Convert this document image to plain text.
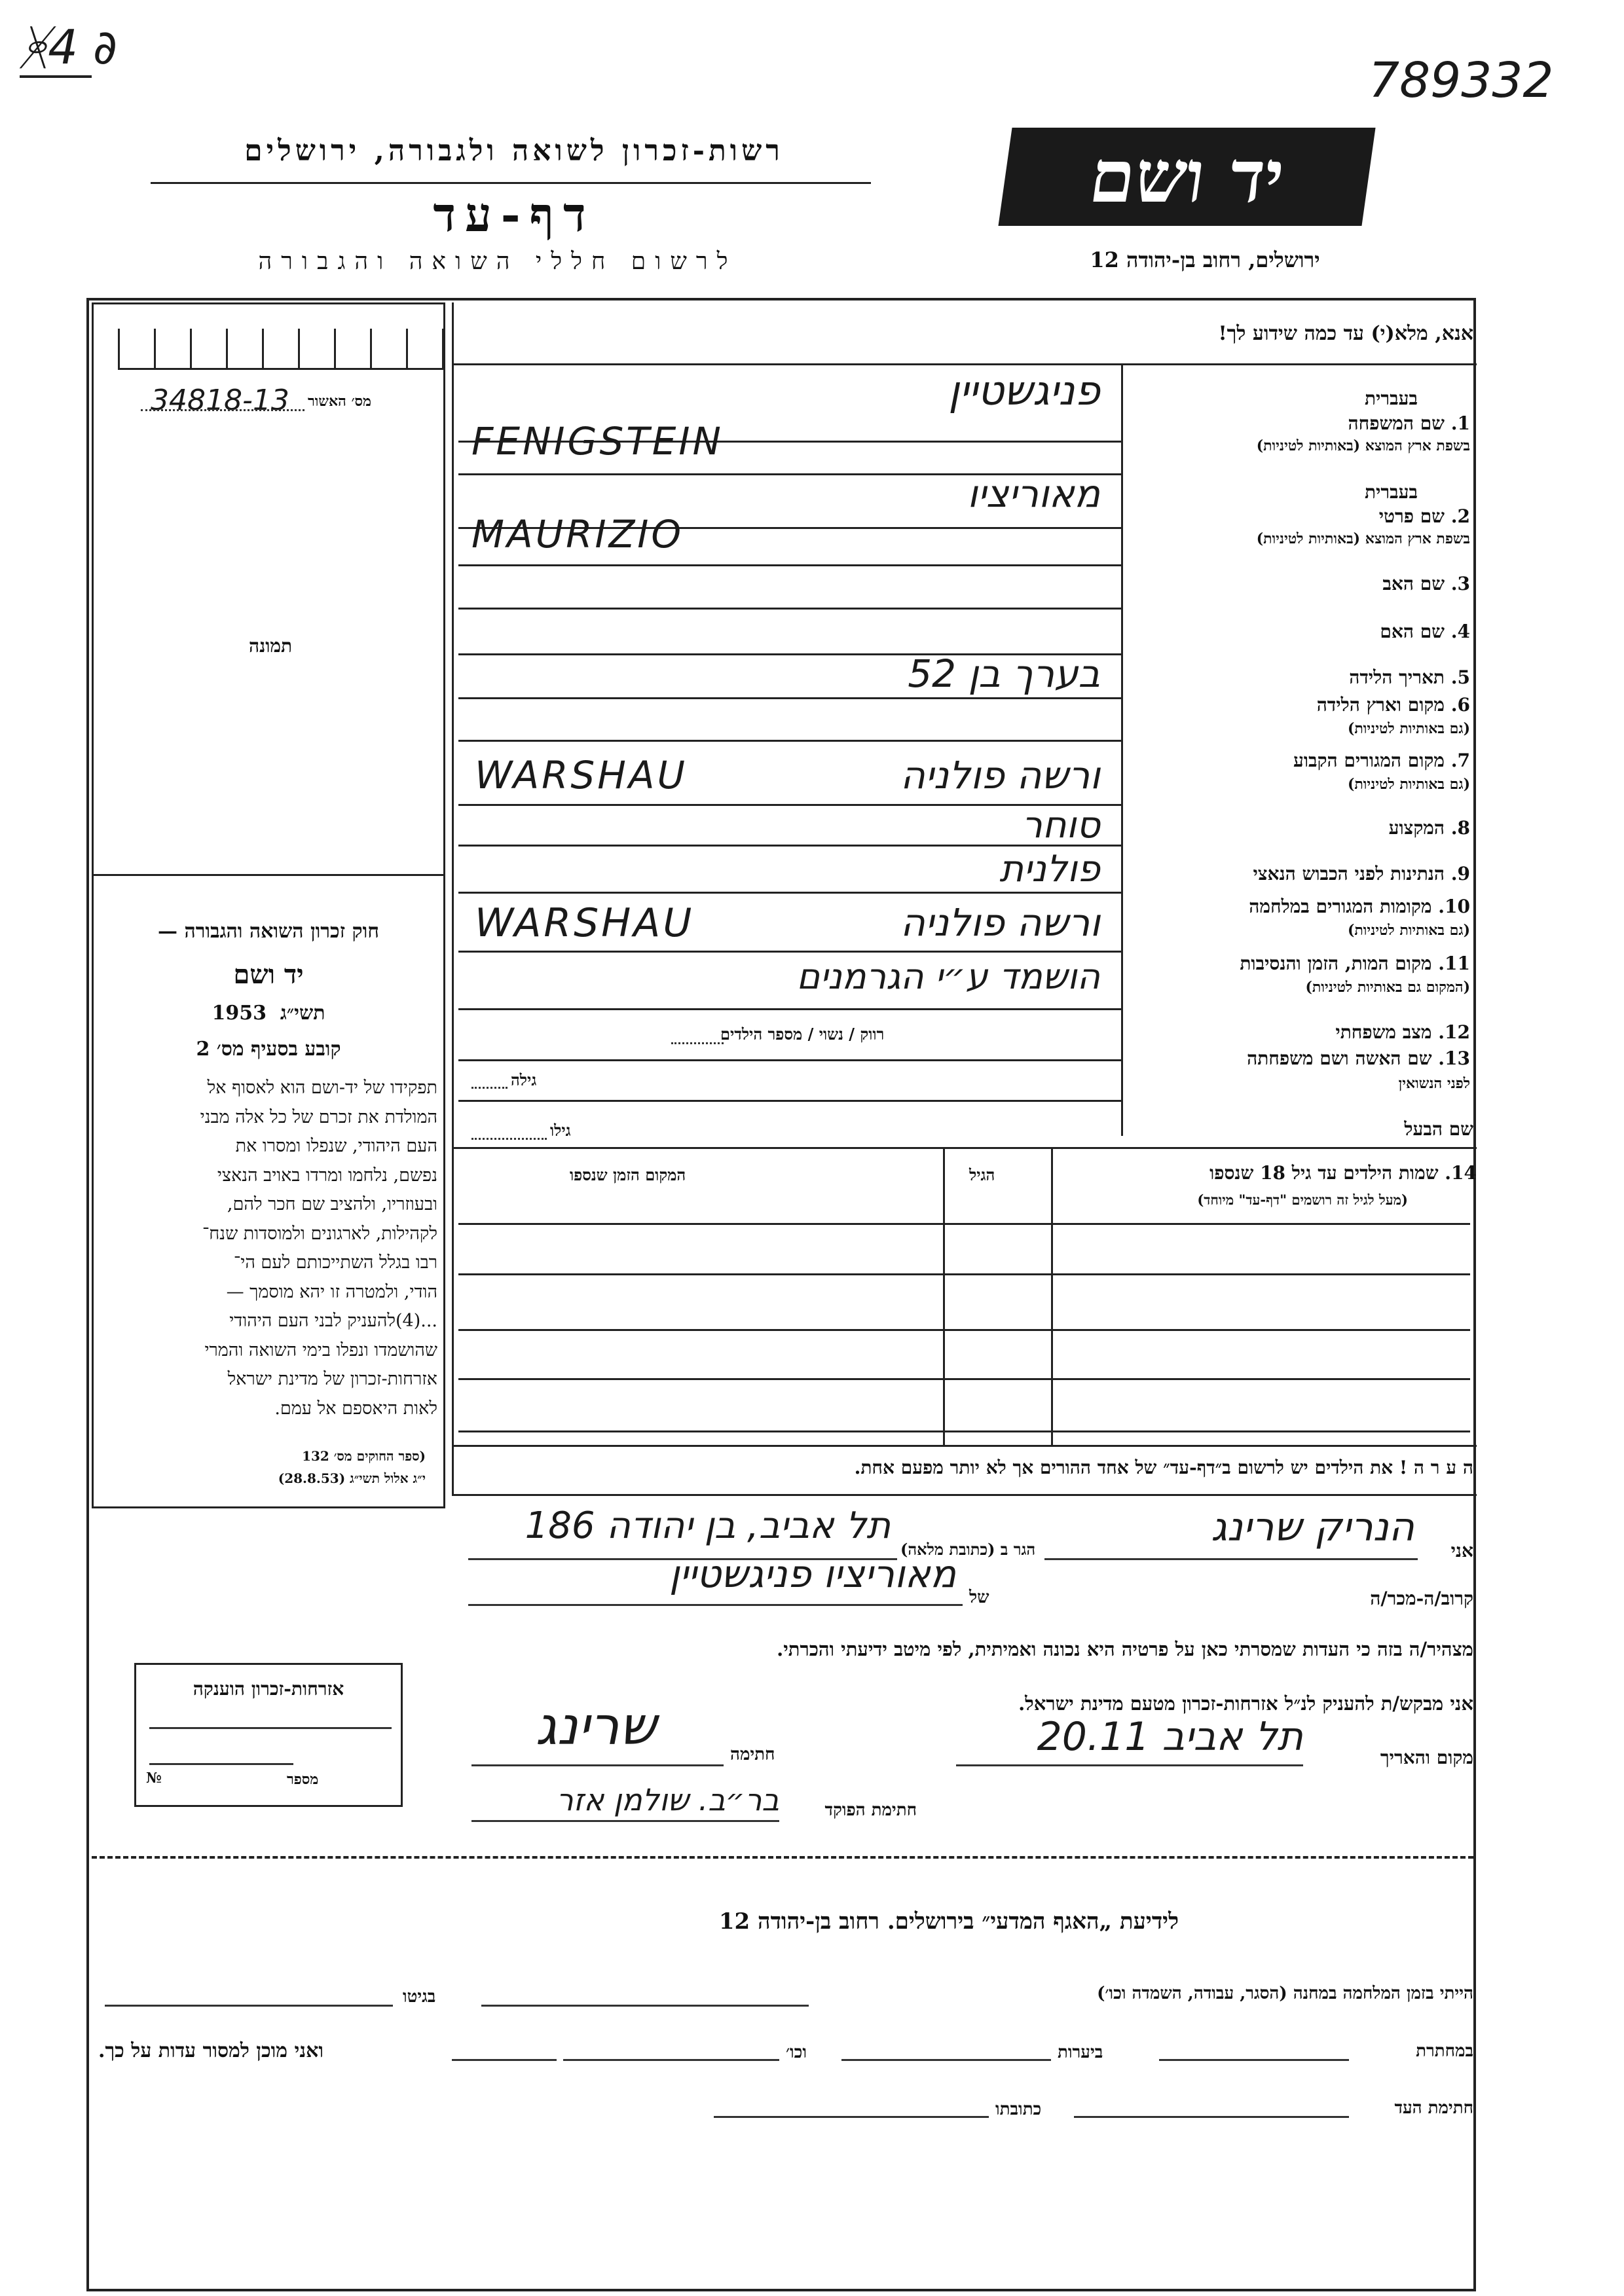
ᚸ4 ∂
789332
רשות-זכרון לשואה ולגבורה, ירושלים
דף-עד
לרשום חללי השואה והגבורה
יד ושם
ירושלים, רחוב בן-יהודה 12
מס׳ האשור
34818-13
תמונה
חוק זכרון השואה והגבורה —
יד ושם
תשי״ג  1953
קובע בסעיף מס׳ 2

תפקידו של יד-ושם הוא לאסוף אל

המולדת את זכרם של כל אלה מבני

העם היהודי, שנפלו ומסרו את

נפשם, נלחמו ומרדו באויב הנאצי

ובעוזריו, ולהציב שם חכר להם,

לקהילות, לארגונים ולמוסדות שנח־

רבו בגלל השתייכותם לעם הי־

הודי, ולמטרה זו יהא מוסמך —

...(4)להעניק לבני העם היהודי

שהושמדו ונפלו בימי השואה והמרי

אזרחות-זכרון של מדינת ישראל

לאות היאספם אל עמם.

(ספר החוקים מס׳ 132
י״ג אלול תשי״ג (28.8.53)
אזרחות-זכרון הוענקה
№	מספר
אנא, מלא(י) עד כמה שידוע לך!
בעברית
1. שם המשפחה
בשפת ארץ המוצא (באותיות לטיניות)
פניגשטיין
FENIGSTEIN
בעברית
2. שם פרטי
בשפת ארץ המוצא (באותיות לטיניות)
מאוריציו
MAURIZIO
3. שם האב
4. שם האם
5. תאריך הלידה
בערך בן 52
6. מקום וארץ הלידה
(גם באותיות לטיניות)
7. מקום המגורים הקבוע
(גם באותיות לטיניות)
ורשה פולניה
WARSHAU
8. המקצוע
סוחר
9. הנתינות לפני הכבוש הנאצי
פולנית
10. מקומות המגורים במלחמה
(גם באותיות לטיניות)
ורשה פולניה
WARSHAU
11. מקום המות, הזמן והנסיבות
(המקום גם באותיות לטיניות)
הושמד ע״י הגרמנים
12. מצב משפחתי
רווק / נשוי / מספר הילדים
13. שם האשה ושם משפחתה
לפני הנשואין
גילה
שם הבעל
גילו
14. שמות הילדים עד גיל 18 שנספו
(מעל לגיל זה רושמים "דף-עד" מיוחד)
הגיל
המקום הזמן שנספו
ה ע ר ה ! את הילדים יש לרשום ב״דף-עד״ של אחד ההורים אך לא יותר מפעם אחת.
אני
הנריק שרינג
הגר ב (כתובת מלאה)
תל אביב, בן יהודה 186
קרוב/ה-מכר/ה
של
מאוריציו פניגשטיין
מצהיר/ה בזה כי העדות שמסרתי כאן על פרטיה היא נכונה ואמיתית, לפי מיטב ידיעתי והכרתי.
אני מבקש/ת להעניק לנ״ל אזרחות-זכרון מטעם מדינת ישראל.
מקום והאריך
תל אביב 20.11
חתימה
שרינג
חתימת הפוקד
בר״ב. שולמן אזר
לידיעת „האגף המדעי״ בירושלים. רחוב בן-יהודה 12
הייתי בזמן המלחמה במחנה (הסגר, עבודה, השמדה וכו׳)
בגיטו
במחתרת
ביערות
וכו׳
ואני מוכן למסור עדות על כך.
חתימת העד
כתובתו
